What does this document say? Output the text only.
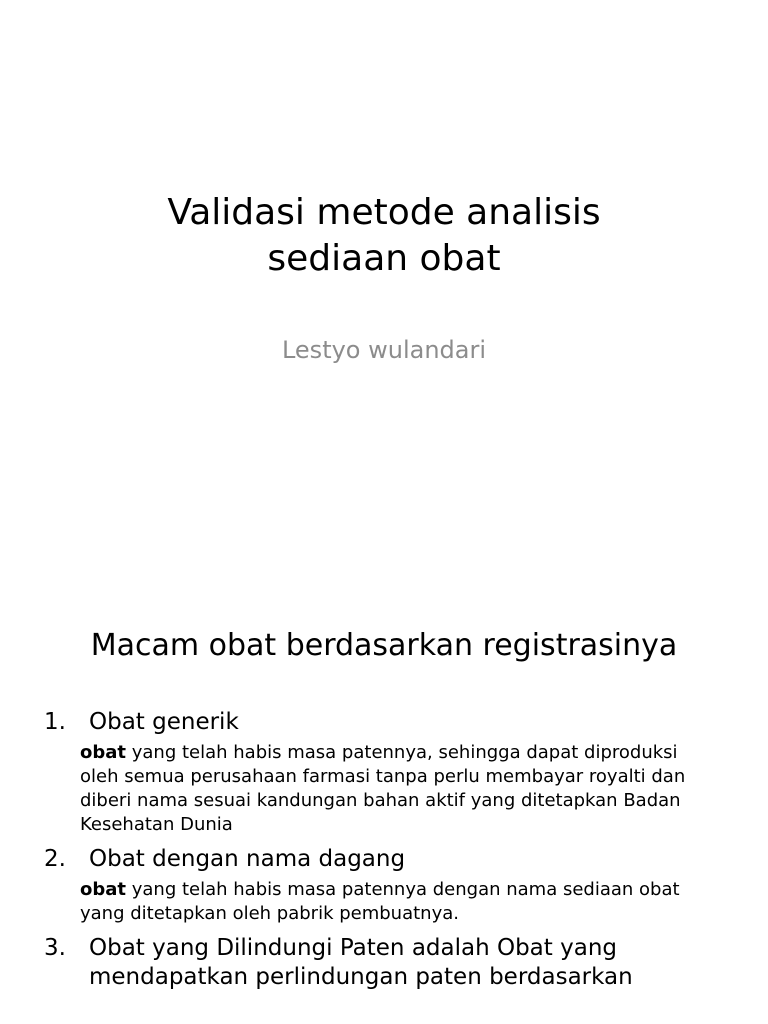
Validasi metode analisis
sediaan obat

Lestyo wulandari

Macam obat berdasarkan registrasinya
1.	Obat generik

obat yang telah habis masa patennya, sehingga dapat diproduksi oleh semua perusahaan farmasi tanpa perlu membayar royalti dan diberi nama sesuai kandungan bahan aktif yang ditetapkan Badan Kesehatan Dunia

2.	Obat dengan nama dagang

obat yang telah habis masa patennya dengan nama sediaan obat yang ditetapkan oleh pabrik pembuatnya.

3.	Obat yang Dilindungi Paten adalah Obat yang
mendapatkan perlindungan paten berdasarkan
